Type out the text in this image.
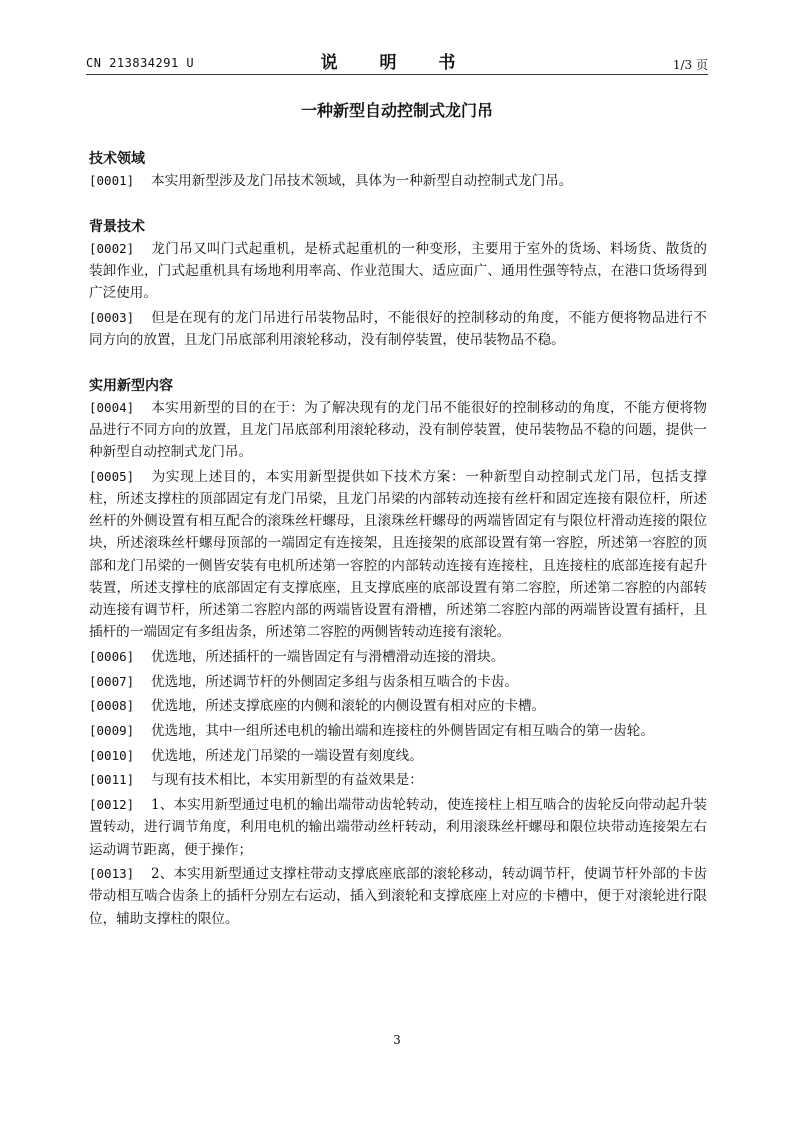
CN 213834291 U	说 明 书	1/3 页
一种新型自动控制式龙门吊
技术领域

[0001] 本实用新型涉及龙门吊技术领域，具体为一种新型自动控制式龙门吊。

背景技术

[0002] 龙门吊又叫门式起重机，是桥式起重机的一种变形，主要用于室外的货场、料场货、散货的装卸作业，门式起重机具有场地利用率高、作业范围大、适应面广、通用性强等特点，在港口货场得到广泛使用。

[0003] 但是在现有的龙门吊进行吊装物品时，不能很好的控制移动的角度，不能方便将物品进行不同方向的放置，且龙门吊底部利用滚轮移动，没有制停装置，使吊装物品不稳。

实用新型内容

[0004] 本实用新型的目的在于：为了解决现有的龙门吊不能很好的控制移动的角度，不能方便将物品进行不同方向的放置，且龙门吊底部利用滚轮移动，没有制停装置，使吊装物品不稳的问题，提供一种新型自动控制式龙门吊。

[0005] 为实现上述目的，本实用新型提供如下技术方案：一种新型自动控制式龙门吊，包括支撑柱，所述支撑柱的顶部固定有龙门吊梁，且龙门吊梁的内部转动连接有丝杆和固定连接有限位杆，所述丝杆的外侧设置有相互配合的滚珠丝杆螺母，且滚珠丝杆螺母的两端皆固定有与限位杆滑动连接的限位块，所述滚珠丝杆螺母顶部的一端固定有连接架，且连接架的底部设置有第一容腔，所述第一容腔的顶部和龙门吊梁的一侧皆安装有电机所述第一容腔的内部转动连接有连接柱，且连接柱的底部连接有起升装置，所述支撑柱的底部固定有支撑底座，且支撑底座的底部设置有第二容腔，所述第二容腔的内部转动连接有调节杆，所述第二容腔内部的两端皆设置有滑槽，所述第二容腔内部的两端皆设置有插杆，且插杆的一端固定有多组齿条，所述第二容腔的两侧皆转动连接有滚轮。

[0006] 优选地，所述插杆的一端皆固定有与滑槽滑动连接的滑块。

[0007] 优选地，所述调节杆的外侧固定多组与齿条相互啮合的卡齿。

[0008] 优选地，所述支撑底座的内侧和滚轮的内侧设置有相对应的卡槽。

[0009] 优选地，其中一组所述电机的输出端和连接柱的外侧皆固定有相互啮合的第一齿轮。

[0010] 优选地，所述龙门吊梁的一端设置有刻度线。

[0011] 与现有技术相比，本实用新型的有益效果是：

[0012] 1、本实用新型通过电机的输出端带动齿轮转动，使连接柱上相互啮合的齿轮反向带动起升装置转动，进行调节角度，利用电机的输出端带动丝杆转动，利用滚珠丝杆螺母和限位块带动连接架左右运动调节距离，便于操作；

[0013] 2、本实用新型通过支撑柱带动支撑底座底部的滚轮移动，转动调节杆，使调节杆外部的卡齿带动相互啮合齿条上的插杆分别左右运动，插入到滚轮和支撑底座上对应的卡槽中，便于对滚轮进行限位，辅助支撑柱的限位。

3
